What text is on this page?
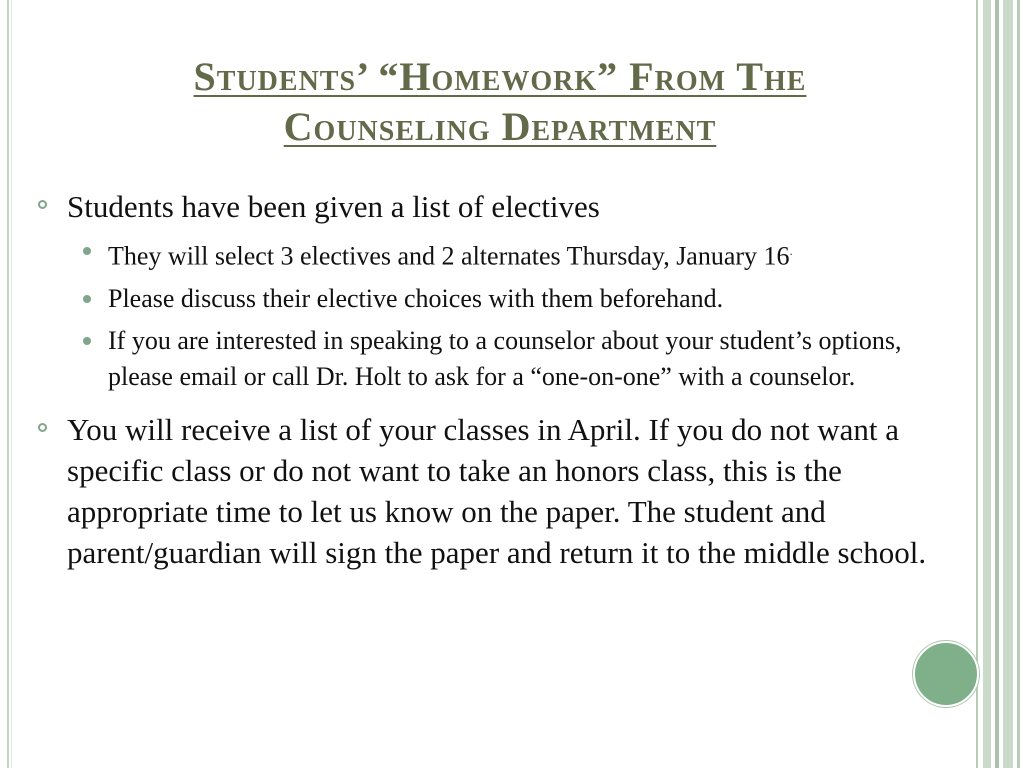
Students’ “Homework” From The
Counseling Department
Students have been given a list of electives
They will select 3 electives and 2 alternates Thursday, January 16.
Please discuss their elective choices with them beforehand.
If you are interested in speaking to a counselor about your student’s options, please email or call Dr. Holt to ask for a “one-on-one” with a counselor.
You will receive a list of your classes in April. If you do not want a specific class or do not want to take an honors class, this is the appropriate time to let us know on the paper. The student and parent/guardian will sign the paper and return it to the middle school.
